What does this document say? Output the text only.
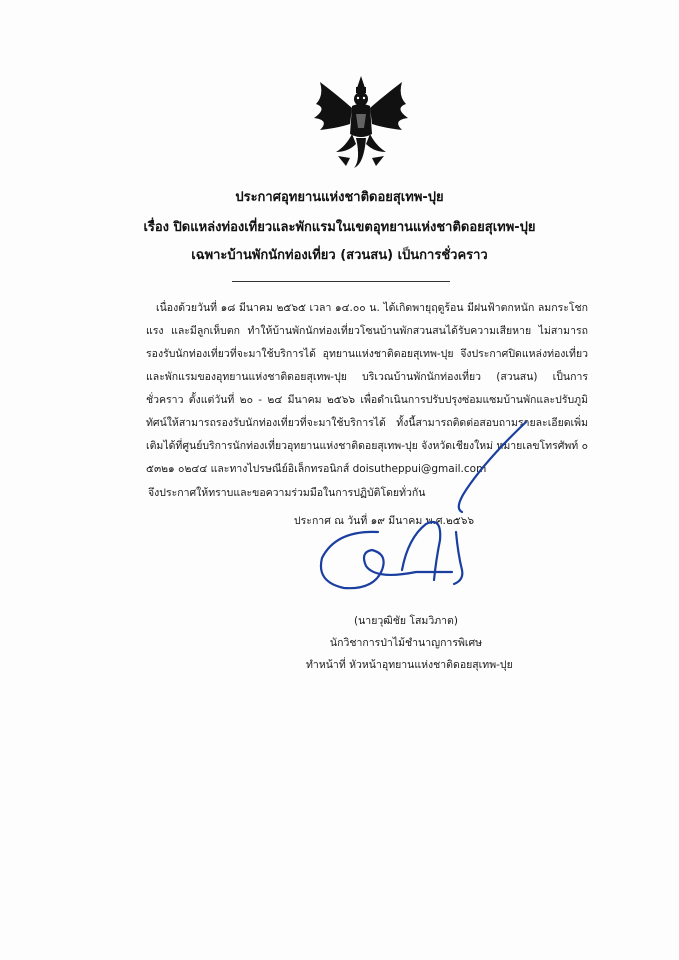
ประกาศอุทยานแห่งชาติดอยสุเทพ-ปุย
เรื่อง ปิดแหล่งท่องเที่ยวและพักแรมในเขตอุทยานแห่งชาติดอยสุเทพ-ปุย
เฉพาะบ้านพักนักท่องเที่ยว (สวนสน) เป็นการชั่วคราว
เนื่องด้วยวันที่ ๑๘ มีนาคม ๒๕๖๕ เวลา ๑๔.๐๐ น. ได้เกิดพายุฤดูร้อน มีฝนฟ้าตกหนัก ลมกระโชกแรง และมีลูกเห็บตก ทำให้บ้านพักนักท่องเที่ยวโซนบ้านพักสวนสนได้รับความเสียหาย ไม่สามารถรองรับนักท่องเที่ยวที่จะมาใช้บริการได้ อุทยานแห่งชาติดอยสุเทพ-ปุย จึงประกาศปิดแหล่งท่องเที่ยวและพักแรมของอุทยานแห่งชาติดอยสุเทพ-ปุย บริเวณบ้านพักนักท่องเที่ยว (สวนสน) เป็นการชั่วคราว ตั้งแต่วันที่ ๒๐ - ๒๔ มีนาคม ๒๕๖๖ เพื่อดำเนินการปรับปรุงซ่อมแซมบ้านพักและปรับภูมิทัศน์ให้สามารถรองรับนักท่องเที่ยวที่จะมาใช้บริการได้ ทั้งนี้สามารถติดต่อสอบถามรายละเอียดเพิ่มเติมได้ที่ศูนย์บริการนักท่องเที่ยวอุทยานแห่งชาติดอยสุเทพ-ปุย จังหวัดเชียงใหม่ หมายเลขโทรศัพท์ ๐ ๕๓๒๑ ๐๒๔๔ และทางไปรษณีย์อิเล็กทรอนิกส์ doisutheppui@gmail.com
จึงประกาศให้ทราบและขอความร่วมมือในการปฏิบัติโดยทั่วกัน
ประกาศ ณ วันที่ ๑๙ มีนาคม พ.ศ.๒๕๖๖
(นายวุฒิชัย โสมวิภาต)
นักวิชาการป่าไม้ชำนาญการพิเศษ
ทำหน้าที่ หัวหน้าอุทยานแห่งชาติดอยสุเทพ-ปุย
